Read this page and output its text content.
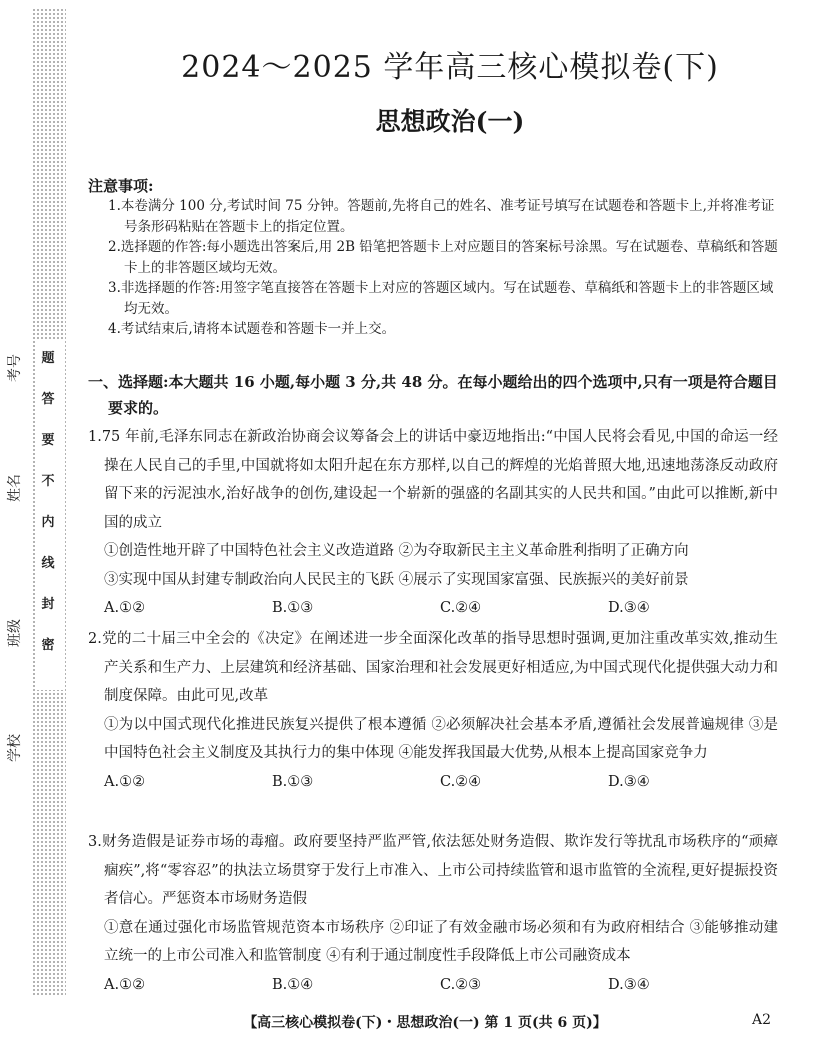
题
答
要
不
内
线
封
密
考号
姓名
班级
学校
2024～2025 学年高三核心模拟卷(下)
思想政治(一)
注意事项:

1.本卷满分 100 分,考试时间 75 分钟。答题前,先将自己的姓名、准考证号填写在试题卷和答题卡上,并将准考证号条形码粘贴在答题卡上的指定位置。

2.选择题的作答:每小题选出答案后,用 2B 铅笔把答题卡上对应题目的答案标号涂黑。写在试题卷、草稿纸和答题卡上的非答题区域均无效。

3.非选择题的作答:用签字笔直接答在答题卡上对应的答题区域内。写在试题卷、草稿纸和答题卡上的非答题区域均无效。

4.考试结束后,请将本试题卷和答题卡一并上交。

一、选择题:本大题共 16 小题,每小题 3 分,共 48 分。在每小题给出的四个选项中,只有一项是符合题目
要求的。

1.75 年前,毛泽东同志在新政治协商会议筹备会上的讲话中豪迈地指出:“中国人民将会看见,中国的命运一经操在人民自己的手里,中国就将如太阳升起在东方那样,以自己的辉煌的光焰普照大地,迅速地荡涤反动政府留下来的污泥浊水,治好战争的创伤,建设起一个崭新的强盛的名副其实的人民共和国。”由此可以推断,新中国的成立

①创造性地开辟了中国特色社会主义改造道路 ②为夺取新民主主义革命胜利指明了正确方向

③实现中国从封建专制政治向人民民主的飞跃 ④展示了实现国家富强、民族振兴的美好前景

A.①②	B.①③	C.②④	D.③④

2.党的二十届三中全会的《决定》在阐述进一步全面深化改革的指导思想时强调,更加注重改革实效,推动生产关系和生产力、上层建筑和经济基础、国家治理和社会发展更好相适应,为中国式现代化提供强大动力和制度保障。由此可见,改革

①为以中国式现代化推进民族复兴提供了根本遵循 ②必须解决社会基本矛盾,遵循社会发展普遍规律 ③是中国特色社会主义制度及其执行力的集中体现 ④能发挥我国最大优势,从根本上提高国家竞争力

A.①②	B.①③	C.②④	D.③④

3.财务造假是证券市场的毒瘤。政府要坚持严监严管,依法惩处财务造假、欺诈发行等扰乱市场秩序的“顽瘴痼疾”,将“零容忍”的执法立场贯穿于发行上市准入、上市公司持续监管和退市监管的全流程,更好提振投资者信心。严惩资本市场财务造假

①意在通过强化市场监管规范资本市场秩序 ②印证了有效金融市场必须和有为政府相结合 ③能够推动建立统一的上市公司准入和监管制度 ④有利于通过制度性手段降低上市公司融资成本

A.①②	B.①④	C.②③	D.③④
【高三核心模拟卷(下)・思想政治(一) 第 1 页(共 6 页)】	A2
